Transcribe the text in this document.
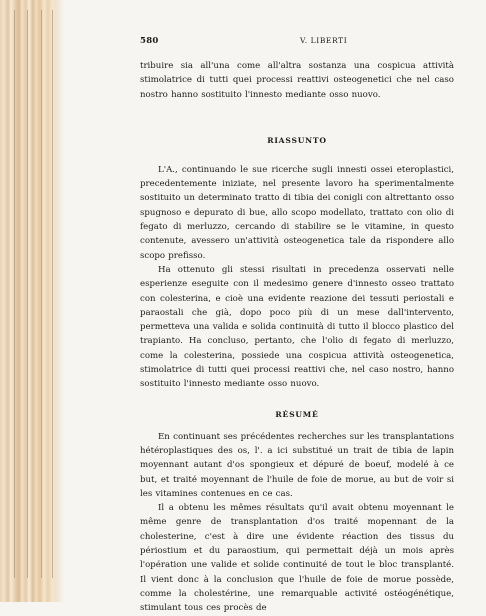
580	V. LIBERTI

tribuire sia all'una come all'altra sostanza una cospicua attività stimolatrice di tutti quei processi reattivi osteogenetici che nel caso nostro hanno sostituito l'innesto mediante osso nuovo.

RIASSUNTO

L'A., continuando le sue ricerche sugli innesti ossei eteroplastici, precedentemente iniziate, nel presente lavoro ha sperimentalmente sostituito un determinato tratto di tibia dei conigli con altrettanto osso spugnoso e depurato di bue, allo scopo modellato, trattato con olio di fegato di merluzzo, cercando di stabilire se le vitamine, in questo contenute, avessero un'attività osteogenetica tale da rispondere allo scopo prefisso.

Ha ottenuto gli stessi risultati in precedenza osservati nelle esperienze eseguite con il medesimo genere d'innesto osseo trattato con colesterina, e cioè una evidente reazione dei tessuti periostali e paraostali che già, dopo poco più di un mese dall'intervento, permetteva una valida e solida continuità di tutto il blocco plastico del trapianto. Ha concluso, pertanto, che l'olio di fegato di merluzzo, come la colesterina, possiede una cospicua attività osteogenetica, stimolatrice di tutti quei processi reattivi che, nel caso nostro, hanno sostituito l'innesto mediante osso nuovo.

RÉSUMÉ

En continuant ses précédentes recherches sur les transplantations hétéroplastiques des os, l'. a ici substitué un trait de tibia de lapin moyennant autant d'os spongieux et dépuré de boeuf, modelé à ce but, et traité moyennant de l'huile de foie de morue, au but de voir si les vitamines contenues en ce cas.

Il a obtenu les mêmes résultats qu'il avait obtenu moyennant le même genre de transplantation d'os traité mopennant de la cholesterine, c'est à dire une évidente réaction des tissus du périostium et du paraostium, qui permettait déjà un mois après l'opération une valide et solide continuité de tout le bloc transplanté. Il vient donc à la conclusion que l'huile de foie de morue possède, comme la cholestérine, une remarquable activité ostéogénétique, stimulant tous ces procès de
